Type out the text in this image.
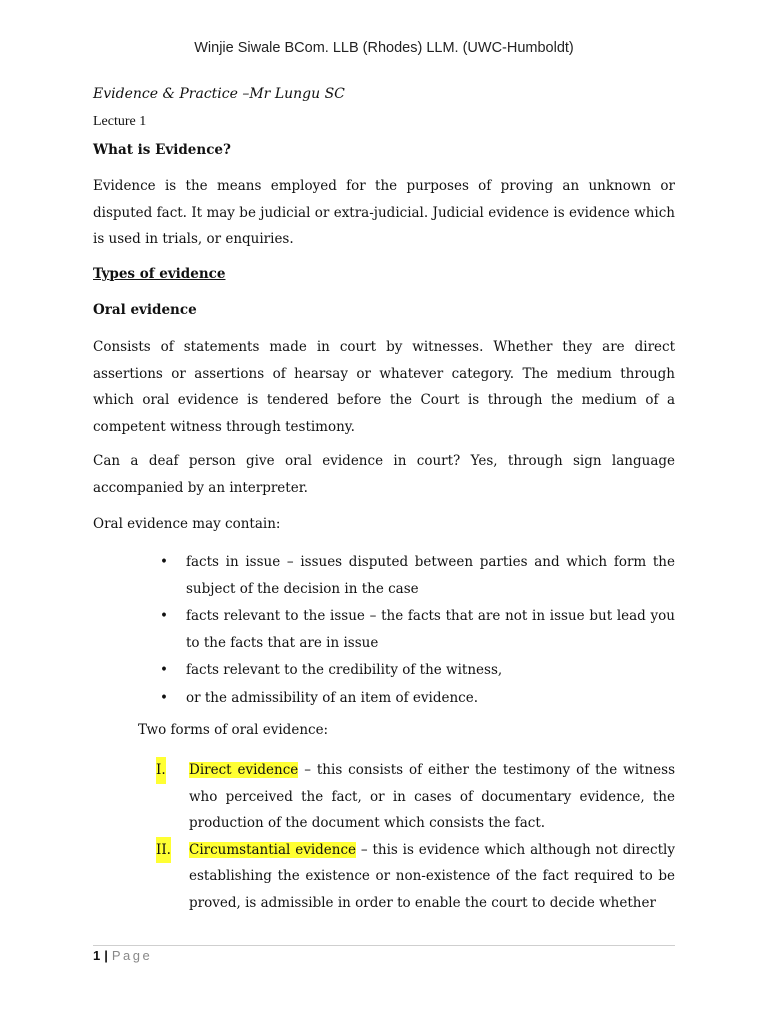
Winjie Siwale BCom. LLB (Rhodes) LLM. (UWC-Humboldt)
Evidence & Practice –Mr Lungu SC
Lecture 1
What is Evidence?
Evidence is the means employed for the purposes of proving an unknown or disputed fact. It may be judicial or extra-judicial. Judicial evidence is evidence which is used in trials, or enquiries.
Types of evidence
Oral evidence
Consists of statements made in court by witnesses. Whether they are direct assertions or assertions of hearsay or whatever category. The medium through which oral evidence is tendered before the Court is through the medium of a competent witness through testimony.
Can a deaf person give oral evidence in court? Yes, through sign language accompanied by an interpreter.
Oral evidence may contain:
• facts in issue – issues disputed between parties and which form the subject of the decision in the case
• facts relevant to the issue – the facts that are not in issue but lead you to the facts that are in issue
• facts relevant to the credibility of the witness,
• or the admissibility of an item of evidence.
Two forms of oral evidence:
I. Direct evidence – this consists of either the testimony of the witness who perceived the fact, or in cases of documentary evidence, the production of the document which consists the fact.
II. Circumstantial evidence – this is evidence which although not directly establishing the existence or non-existence of the fact required to be proved, is admissible in order to enable the court to decide whether
1 | Page
